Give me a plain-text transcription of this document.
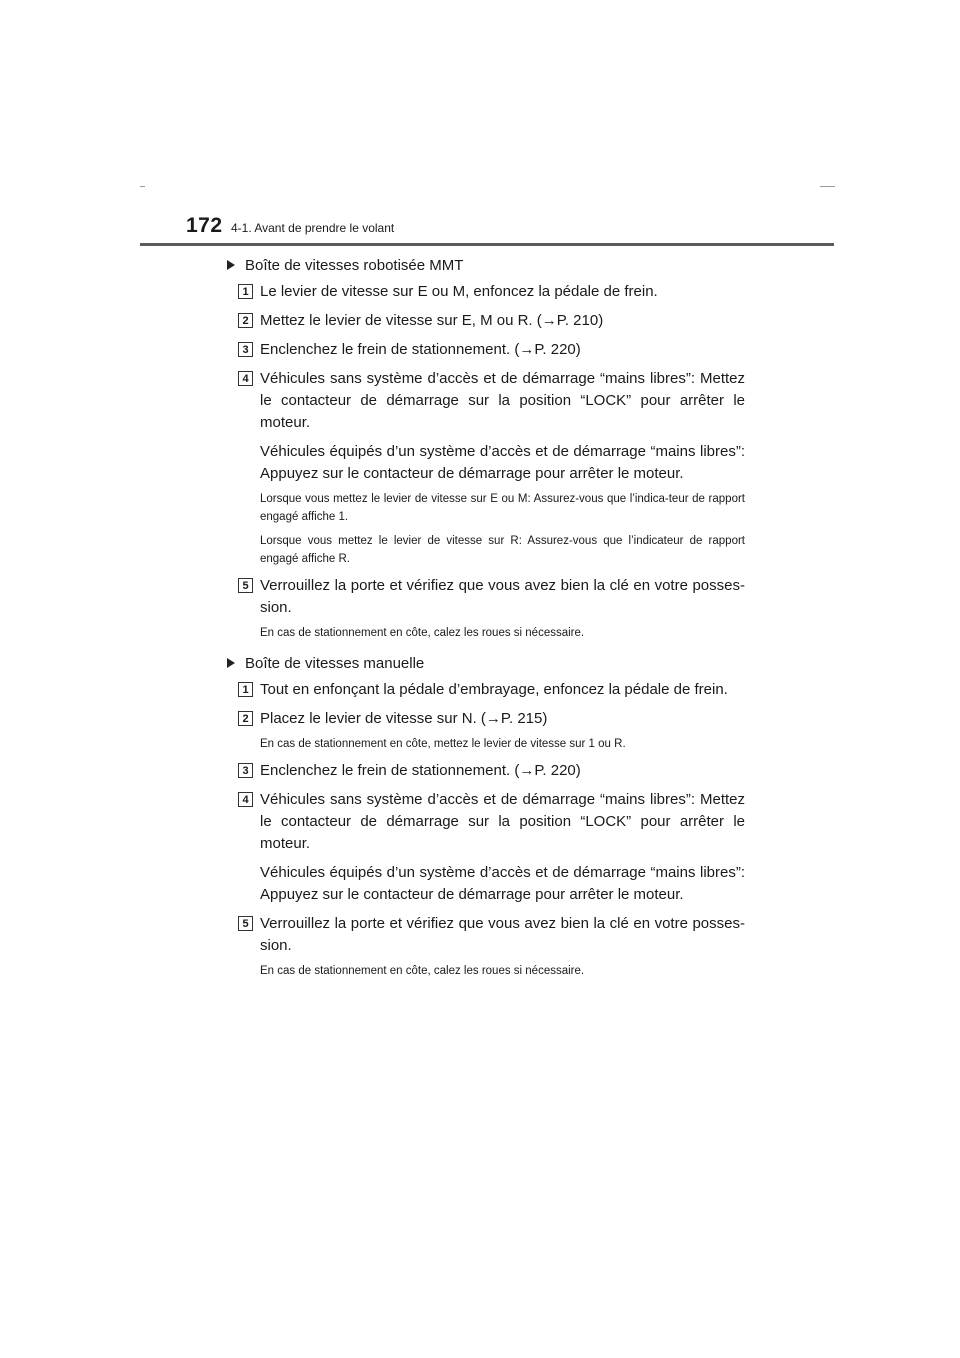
172 4-1. Avant de prendre le volant
Boîte de vitesses robotisée MMT
1 Le levier de vitesse sur E ou M, enfoncez la pédale de frein.
2 Mettez le levier de vitesse sur E, M ou R. (→P. 210)
3 Enclenchez le frein de stationnement. (→P. 220)
4 Véhicules sans système d’accès et de démarrage “mains libres”: Mettez le contacteur de démarrage sur la position “LOCK” pour arrêter le moteur.
Véhicules équipés d’un système d’accès et de démarrage “mains libres”: Appuyez sur le contacteur de démarrage pour arrêter le moteur.
Lorsque vous mettez le levier de vitesse sur E ou M: Assurez-vous que l’indica-teur de rapport engagé affiche 1.
Lorsque vous mettez le levier de vitesse sur R: Assurez-vous que l’indicateur de rapport engagé affiche R.
5 Verrouillez la porte et vérifiez que vous avez bien la clé en votre posses-sion.
En cas de stationnement en côte, calez les roues si nécessaire.
Boîte de vitesses manuelle
1 Tout en enfonçant la pédale d’embrayage, enfoncez la pédale de frein.
2 Placez le levier de vitesse sur N. (→P. 215)
En cas de stationnement en côte, mettez le levier de vitesse sur 1 ou R.
3 Enclenchez le frein de stationnement. (→P. 220)
4 Véhicules sans système d’accès et de démarrage “mains libres”: Mettez le contacteur de démarrage sur la position “LOCK” pour arrêter le moteur.
Véhicules équipés d’un système d’accès et de démarrage “mains libres”: Appuyez sur le contacteur de démarrage pour arrêter le moteur.
5 Verrouillez la porte et vérifiez que vous avez bien la clé en votre posses-sion.
En cas de stationnement en côte, calez les roues si nécessaire.
